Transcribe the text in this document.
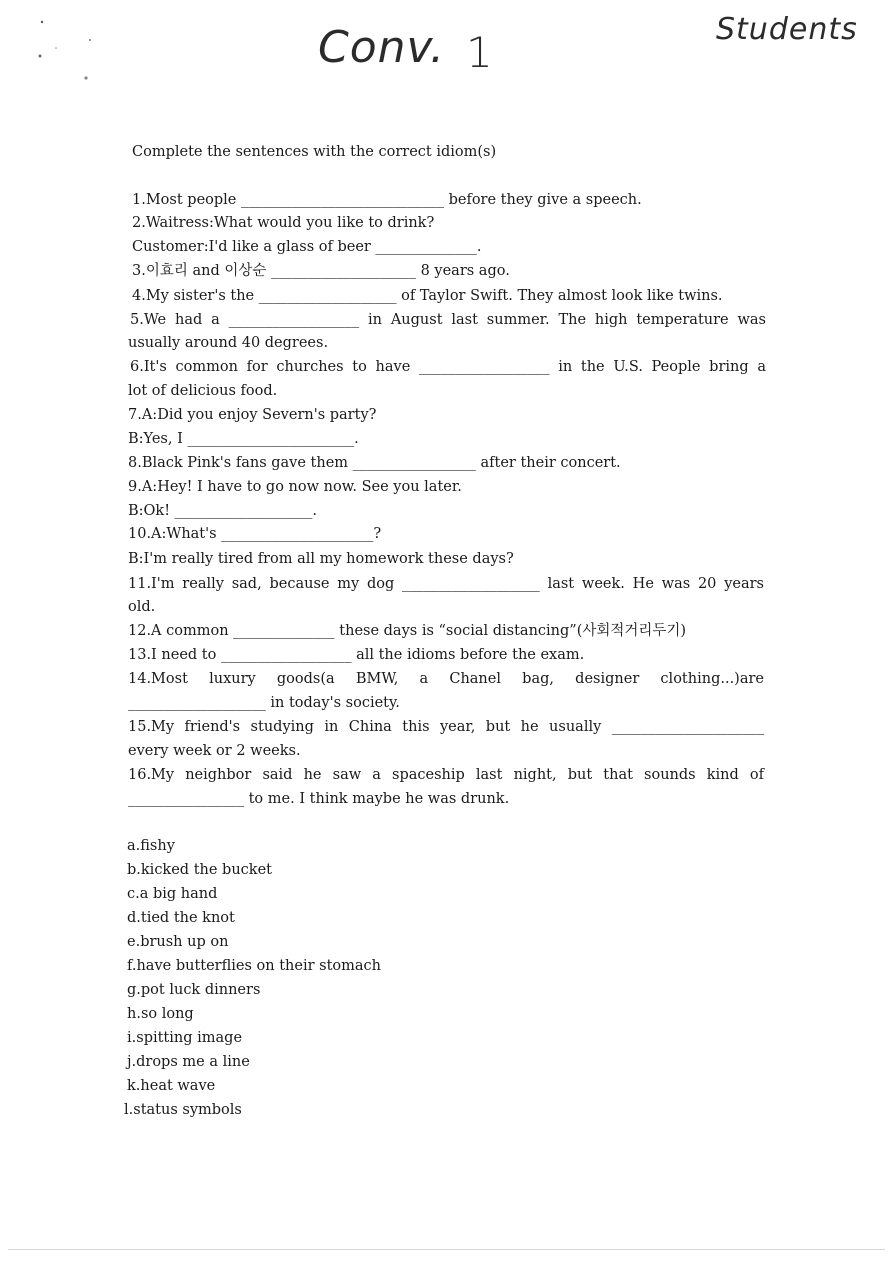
Conv. 1	Students
Complete the sentences with the correct idiom(s)
1.Most people ____________________________ before they give a speech.
2.Waitress:What would you like to drink?
Customer:I'd like a glass of beer ______________.
3.이효리 and 이상순 ____________________ 8 years ago.
4.My sister's the ___________________ of Taylor Swift. They almost look like twins.
5.We had a __________________ in August last summer. The high temperature was
usually around 40 degrees.
6.It's common for churches to have __________________ in the U.S. People bring a
lot of delicious food.
7.A:Did you enjoy Severn's party?
B:Yes, I _______________________.
8.Black Pink's fans gave them _________________ after their concert.
9.A:Hey! I have to go now now. See you later.
B:Ok! ___________________.
10.A:What's _____________________?
B:I'm really tired from all my homework these days?
11.I'm really sad, because my dog ___________________ last week. He was 20 years
old.
12.A common ______________ these days is “social distancing”(사회적거리두기)
13.I need to __________________ all the idioms before the exam.
14.Most luxury goods(a BMW, a Chanel bag, designer clothing...)are
___________________ in today's society.
15.My friend's studying in China this year, but he usually _____________________
every week or 2 weeks.
16.My neighbor said he saw a spaceship last night, but that sounds kind of
________________ to me. I think maybe he was drunk.
a.fishy
b.kicked the bucket
c.a big hand
d.tied the knot
e.brush up on
f.have butterflies on their stomach
g.pot luck dinners
h.so long
i.spitting image
j.drops me a line
k.heat wave
l.status symbols
